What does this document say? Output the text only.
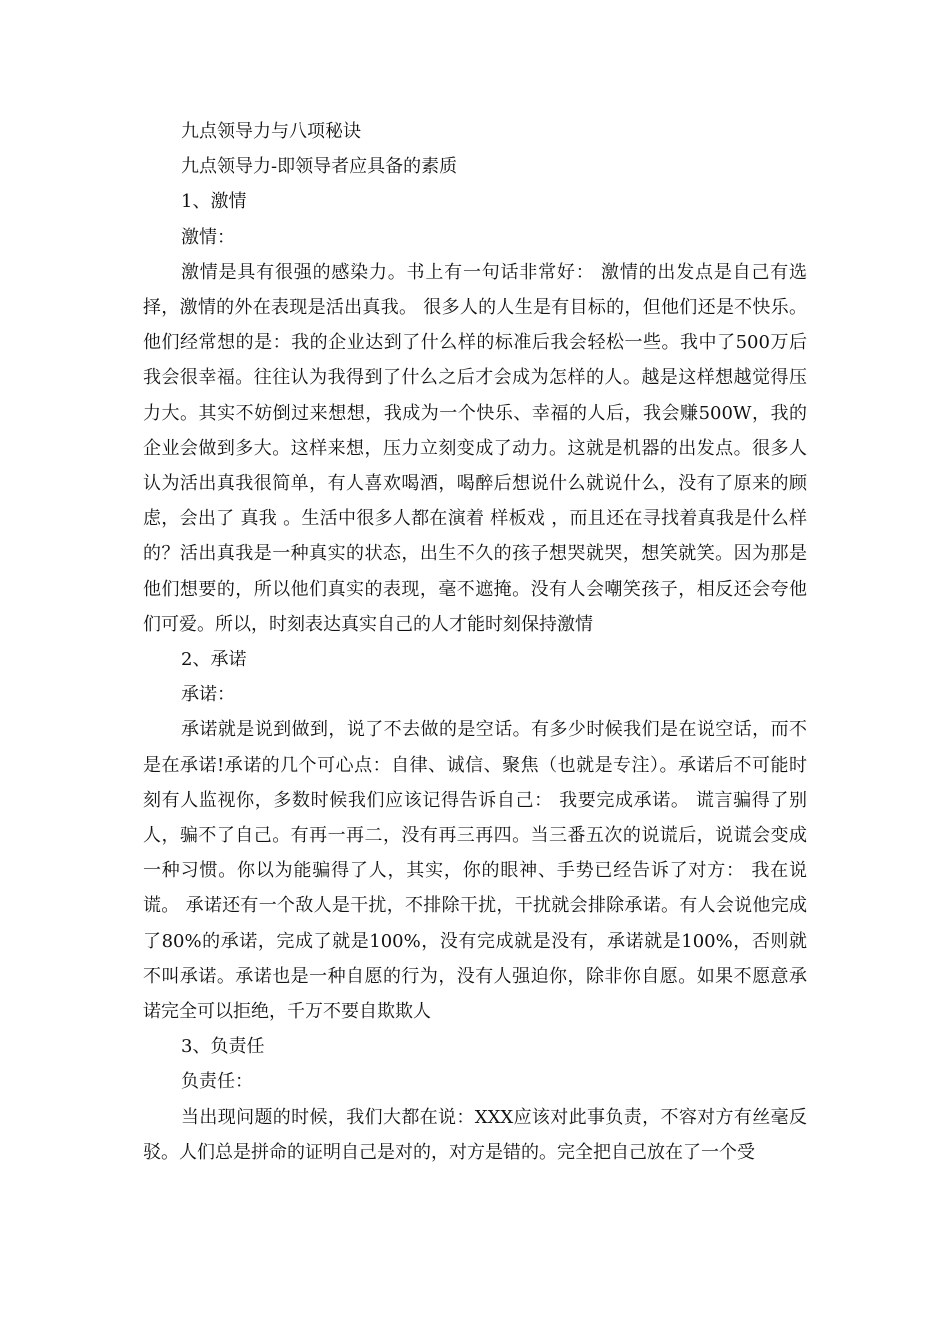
九点领导力与八项秘诀

九点领导力-即领导者应具备的素质

1、激情

激情：

激情是具有很强的感染力。书上有一句话非常好： 激情的出发点是自己有选择，激情的外在表现是活出真我。 很多人的人生是有目标的，但他们还是不快乐。他们经常想的是：我的企业达到了什么样的标准后我会轻松一些。我中了500万后我会很幸福。往往认为我得到了什么之后才会成为怎样的人。越是这样想越觉得压力大。其实不妨倒过来想想，我成为一个快乐、幸福的人后，我会赚500W，我的企业会做到多大。这样来想，压力立刻变成了动力。这就是机器的出发点。很多人认为活出真我很简单，有人喜欢喝酒，喝醉后想说什么就说什么，没有了原来的顾虑，会出了 真我 。生活中很多人都在演着 样板戏 ，而且还在寻找着真我是什么样的？活出真我是一种真实的状态，出生不久的孩子想哭就哭，想笑就笑。因为那是他们想要的，所以他们真实的表现，毫不遮掩。没有人会嘲笑孩子，相反还会夸他们可爱。所以，时刻表达真实自己的人才能时刻保持激情

2、承诺

承诺：

承诺就是说到做到，说了不去做的是空话。有多少时候我们是在说空话，而不是在承诺!承诺的几个可心点：自律、诚信、聚焦（也就是专注）。承诺后不可能时刻有人监视你，多数时候我们应该记得告诉自己： 我要完成承诺。 谎言骗得了别人，骗不了自己。有再一再二，没有再三再四。当三番五次的说谎后，说谎会变成一种习惯。你以为能骗得了人，其实，你的眼神、手势已经告诉了对方： 我在说谎。 承诺还有一个敌人是干扰，不排除干扰，干扰就会排除承诺。有人会说他完成了80%的承诺，完成了就是100%，没有完成就是没有，承诺就是100%，否则就不叫承诺。承诺也是一种自愿的行为，没有人强迫你，除非你自愿。如果不愿意承诺完全可以拒绝，千万不要自欺欺人

3、负责任

负责任：

当出现问题的时候，我们大都在说：XXX应该对此事负责，不容对方有丝毫反驳。人们总是拼命的证明自己是对的，对方是错的。完全把自己放在了一个受
